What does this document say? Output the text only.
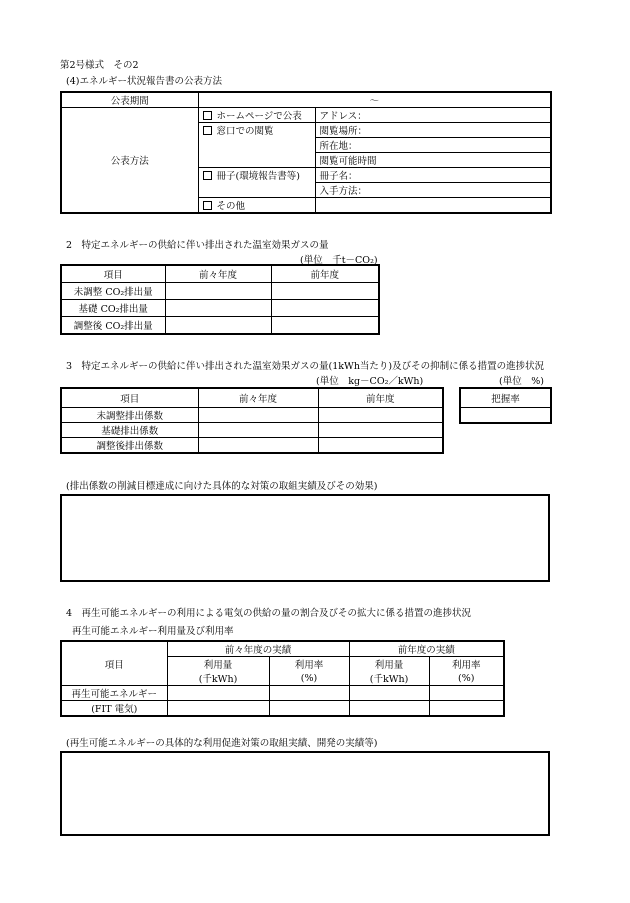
第2号様式　その2
(4)エネルギー状況報告書の公表方法
公表期間	〜	
公表方法	ホームページで公表	アドレス：
	窓口での閲覧	閲覧場所：
		所在地：
		閲覧可能時間
	冊子(環境報告書等)	冊子名：
		入手方法：
	その他	
2　特定エネルギーの供給に伴い排出された温室効果ガスの量
(単位　千t－CO₂)
項目	前々年度	前年度
未調整 CO₂排出量		
基礎 CO₂排出量		
調整後 CO₂排出量		
3　特定エネルギーの供給に伴い排出された温室効果ガスの量(1kWh当たり)及びその抑制に係る措置の進捗状況
(単位　kg－CO₂／kWh)	(単位　%)
項目	前々年度	前年度
未調整排出係数		
基礎排出係数		
調整後排出係数		
把握率

(排出係数の削減目標達成に向けた具体的な対策の取組実績及びその効果)
4　再生可能エネルギーの利用による電気の供給の量の割合及びその拡大に係る措置の進捗状況
再生可能エネルギー利用量及び利用率
項目	前々年度の実績		前年度の実績	
	利用量	利用率	利用量	利用率
	(千kWh)	(%)	(千kWh)	(%)
再生可能エネルギー				
(FIT 電気)				
(再生可能エネルギーの具体的な利用促進対策の取組実績、開発の実績等)
